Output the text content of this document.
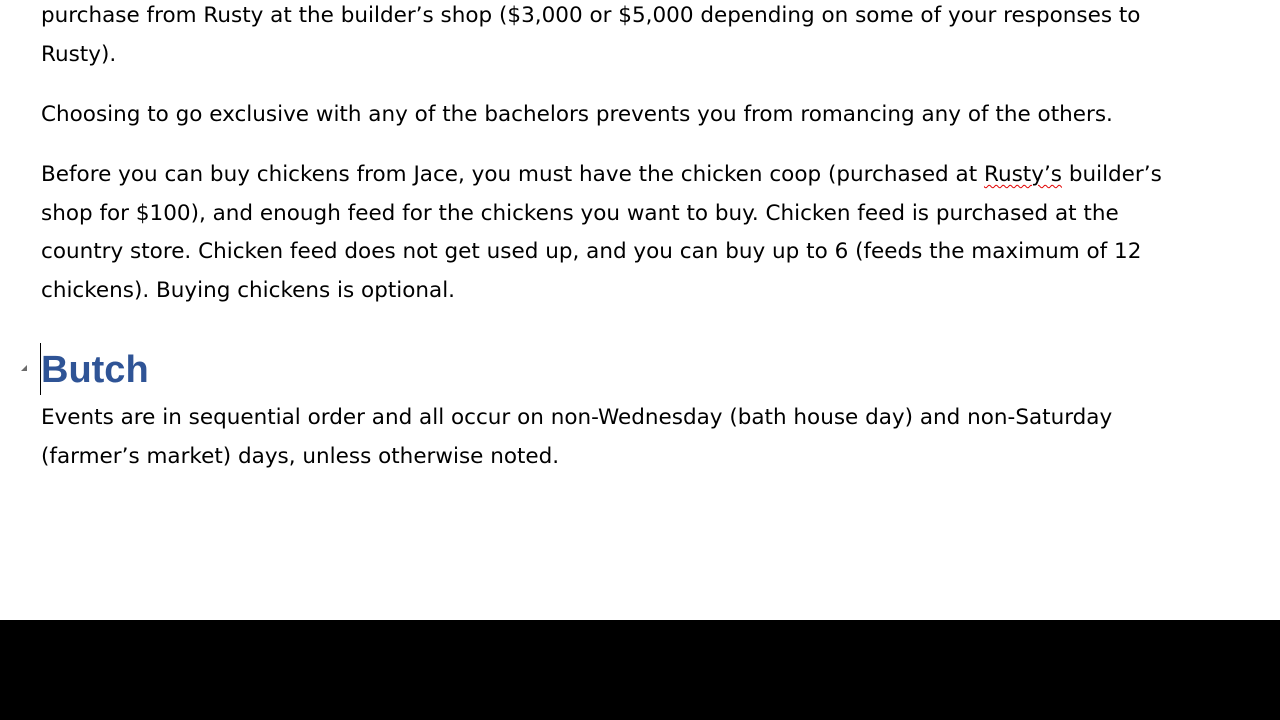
purchase from Rusty at the builder’s shop ($3,000 or $5,000 depending on some of your responses to
Rusty).

Choosing to go exclusive with any of the bachelors prevents you from romancing any of the others.

Before you can buy chickens from Jace, you must have the chicken coop (purchased at Rusty’s builder’s
shop for $100), and enough feed for the chickens you want to buy. Chicken feed is purchased at the
country store. Chicken feed does not get used up, and you can buy up to 6 (feeds the maximum of 12
chickens). Buying chickens is optional.

Butch

Events are in sequential order and all occur on non-Wednesday (bath house day) and non-Saturday
(farmer’s market) days, unless otherwise noted.
